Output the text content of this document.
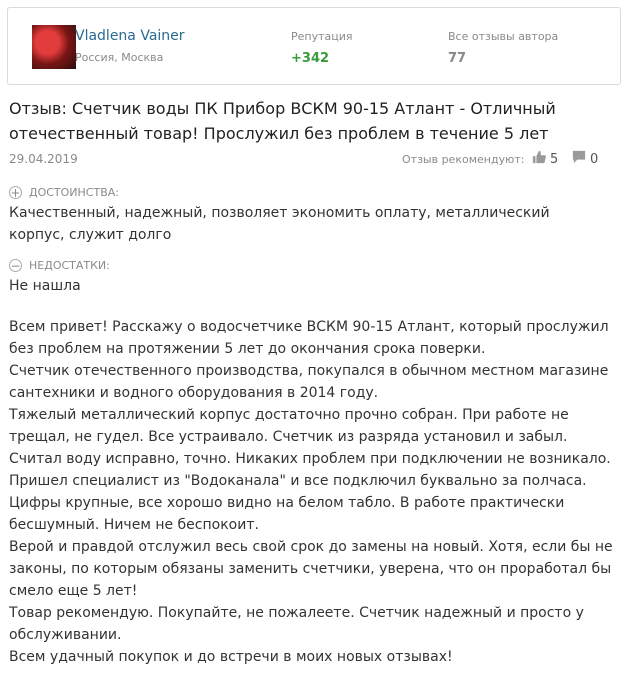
Vladlena Vainer
Россия, Москва
Репутация
+342
Все отзывы автора
77
Отзыв: Счетчик воды ПК Прибор ВСКМ 90-15 Атлант - Отличный отечественный товар! Прослужил без проблем в течение 5 лет
29.04.2019	Отзыв рекомендуют: 5 0
+ ДОСТОИНСТВА:
Качественный, надежный, позволяет экономить оплату, металлический корпус, служит долго
− НЕДОСТАТКИ:
Не нашла

Всем привет! Расскажу о водосчетчике ВСКМ 90-15 Атлант, который прослужил без проблем на протяжении 5 лет до окончания срока поверки.

Счетчик отечественного производства, покупался в обычном местном магазине сантехники и водного оборудования в 2014 году.

Тяжелый металлический корпус достаточно прочно собран. При работе не трещал, не гудел. Все устраивало. Счетчик из разряда установил и забыл.

Считал воду исправно, точно. Никаких проблем при подключении не возникало.

Пришел специалист из "Водоканала" и все подключил буквально за полчаса.

Цифры крупные, все хорошо видно на белом табло. В работе практически бесшумный. Ничем не беспокоит.

Верой и правдой отслужил весь свой срок до замены на новый. Хотя, если бы не законы, по которым обязаны заменить счетчики, уверена, что он проработал бы смело еще 5 лет!

Товар рекомендую. Покупайте, не пожалеете. Счетчик надежный и просто у обслуживании.

Всем удачный покупок и до встречи в моих новых отзывах!
